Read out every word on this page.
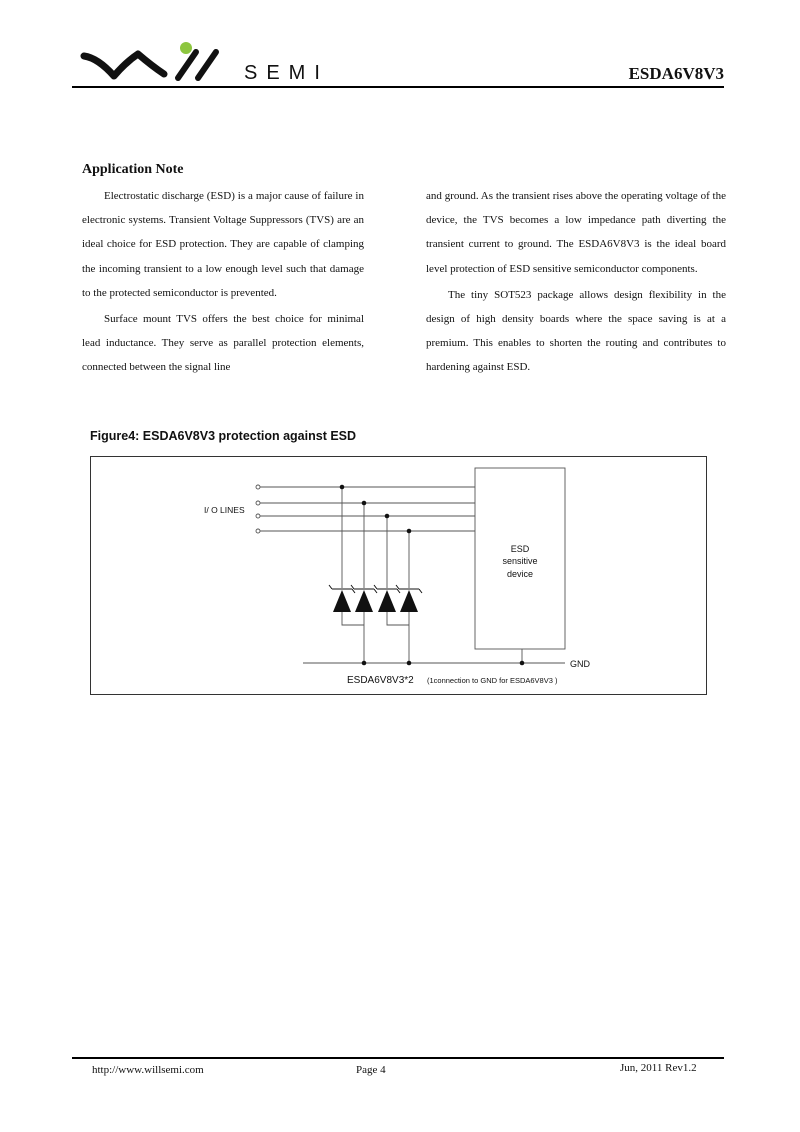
SEMI	ESDA6V8V3
Application Note

Electrostatic discharge (ESD) is a major cause of failure in electronic systems. Transient Voltage Suppressors (TVS) are an ideal choice for ESD protection. They are capable of clamping the incoming transient to a low enough level such that damage to the protected semiconductor is prevented.

Surface mount TVS offers the best choice for minimal lead inductance. They serve as parallel protection elements, connected between the signal line

and ground. As the transient rises above the operating voltage of the device, the TVS becomes a low impedance path diverting the transient current to ground. The ESDA6V8V3 is the ideal board level protection of ESD sensitive semiconductor components.

The tiny SOT523 package allows design flexibility in the design of high density boards where the space saving is at a premium. This enables to shorten the routing and contributes to hardening against ESD.

Figure4: ESDA6V8V3 protection against ESD
I/ O LINES
ESD
sensitive
device
GND
ESDA6V8V3*2 (1connection to GND for ESDA6V8V3 )
http://www.willsemi.com	Page 4	Jun, 2011 Rev1.2
